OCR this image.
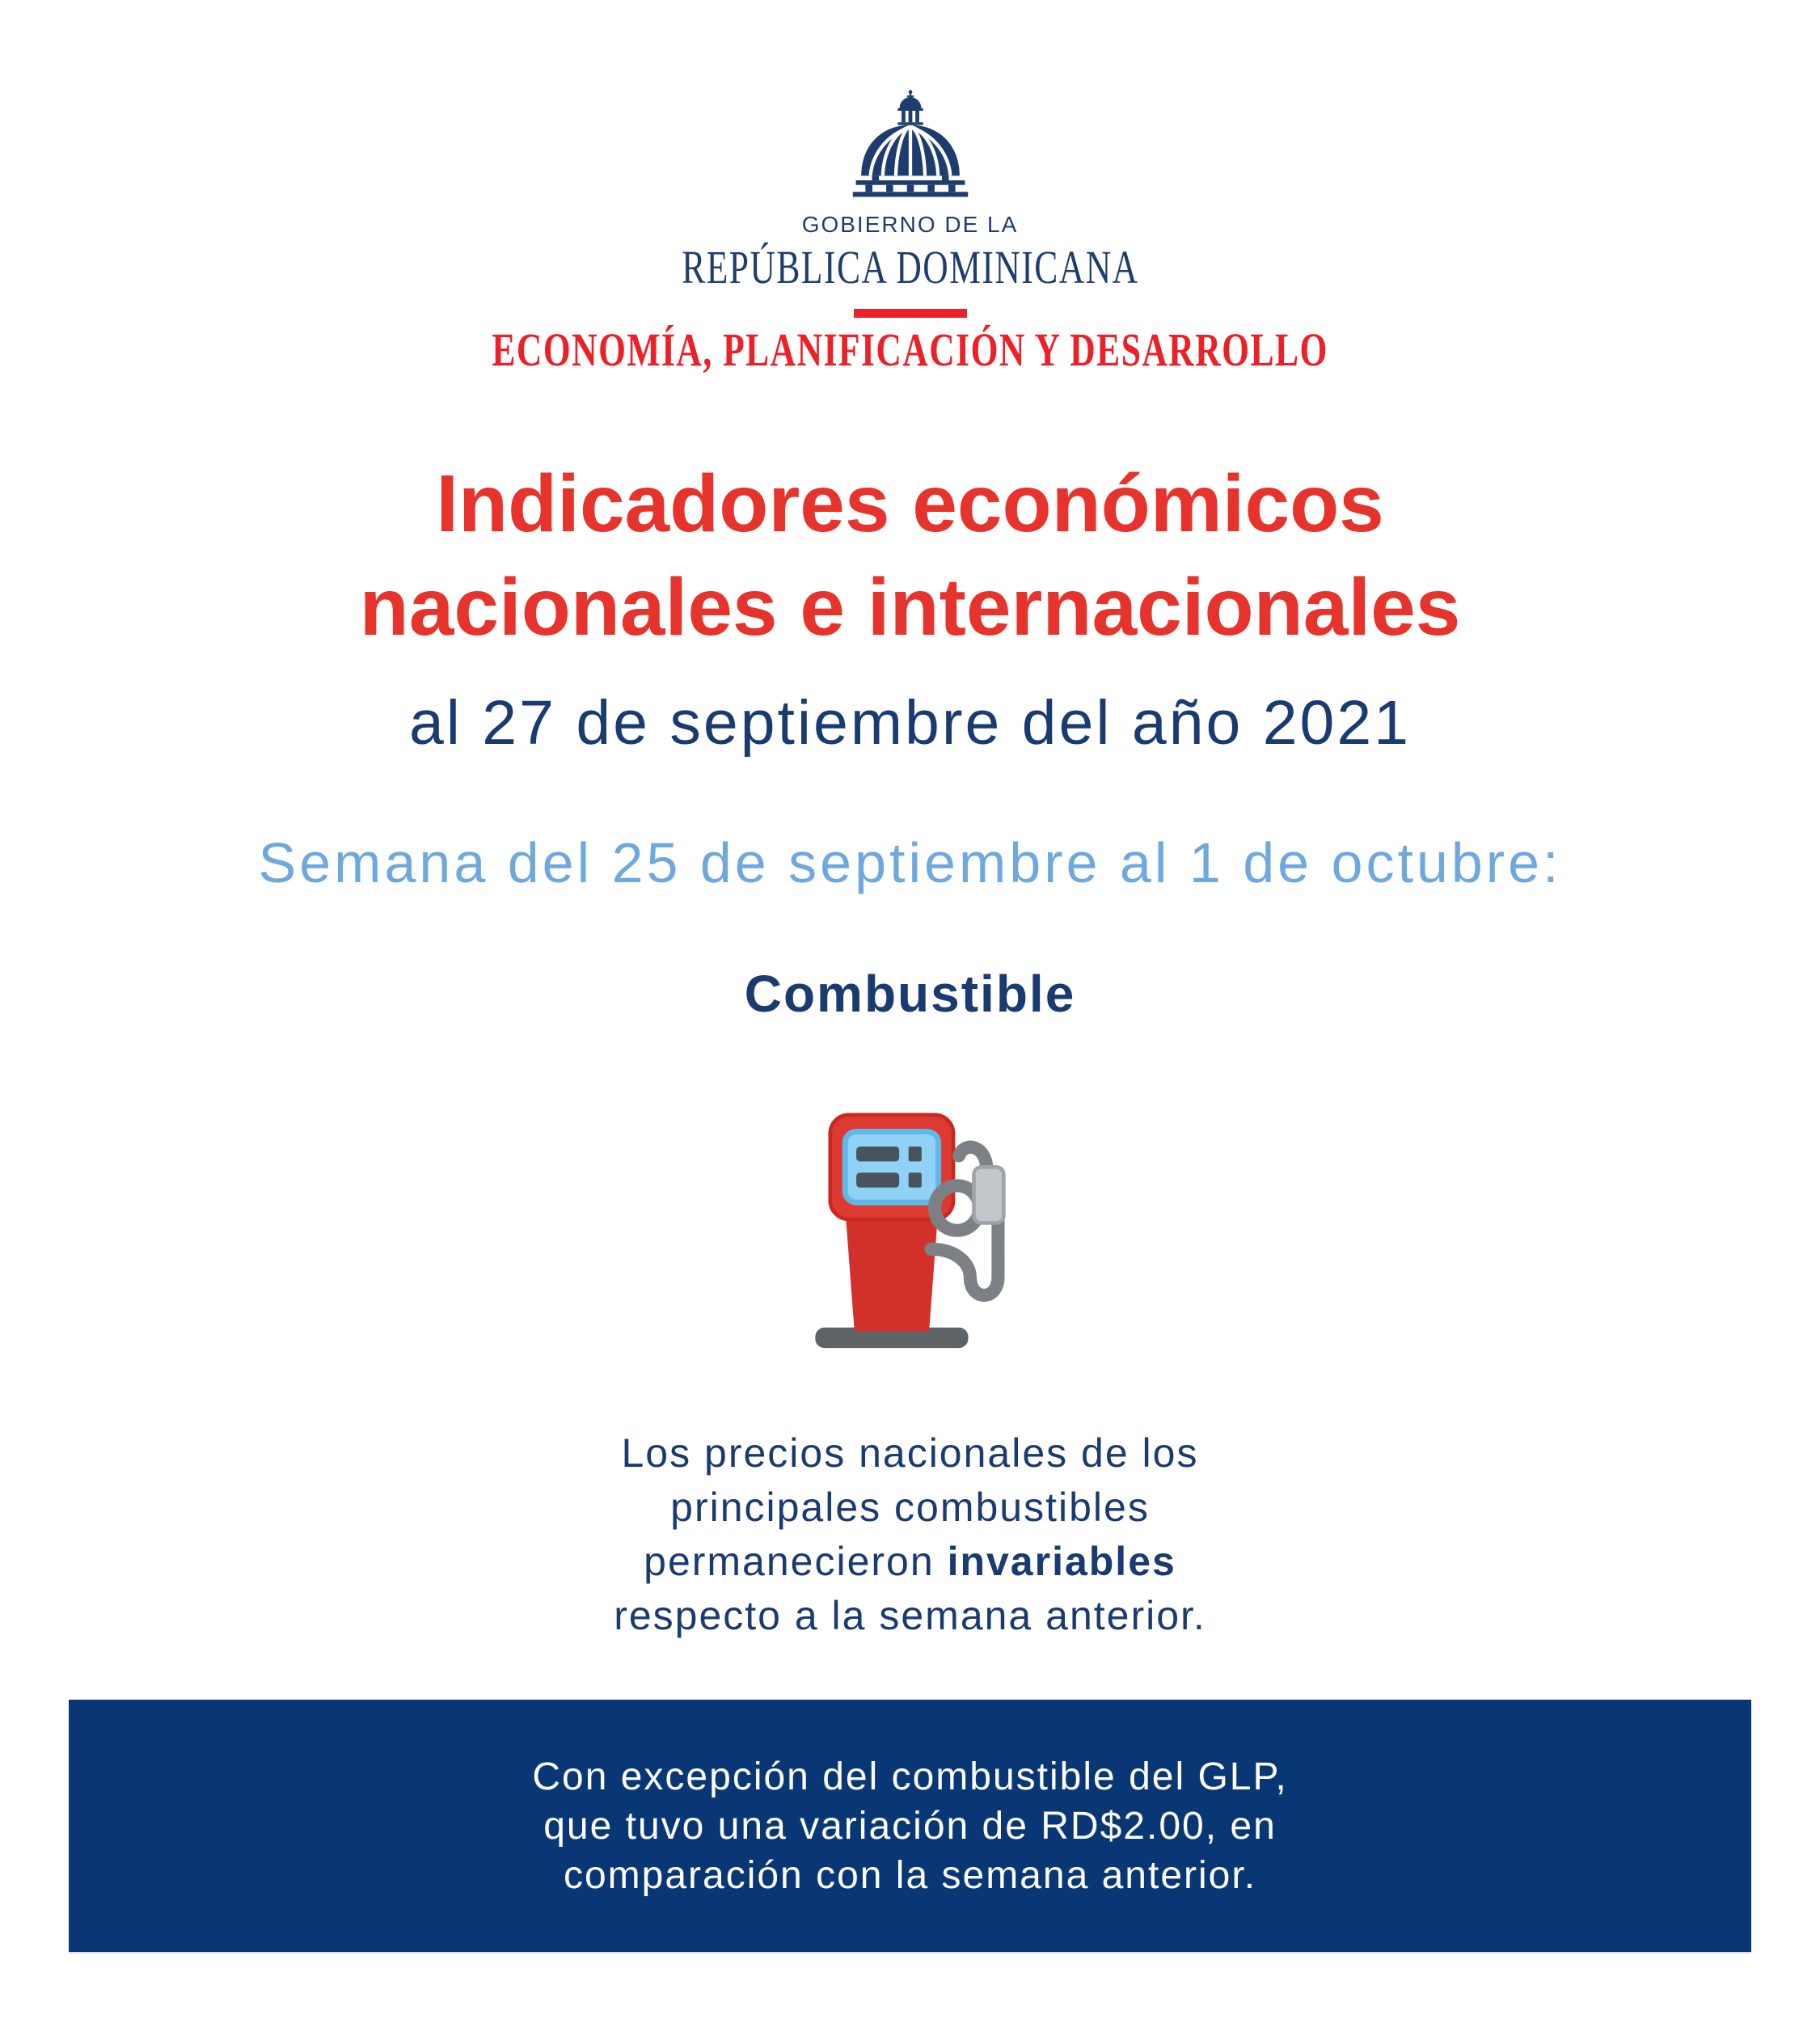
GOBIERNO DE LA
REPÚBLICA DOMINICANA
ECONOMÍA, PLANIFICACIÓN Y DESARROLLO
Indicadores económicos
nacionales e internacionales
al 27 de septiembre del año 2021
Semana del 25 de septiembre al 1 de octubre:
Combustible

Los precios nacionales de los
principales combustibles
permanecieron invariables
respecto a la semana anterior.

Con excepción del combustible del GLP,
que tuvo una variación de RD$2.00, en
comparación con la semana anterior.
